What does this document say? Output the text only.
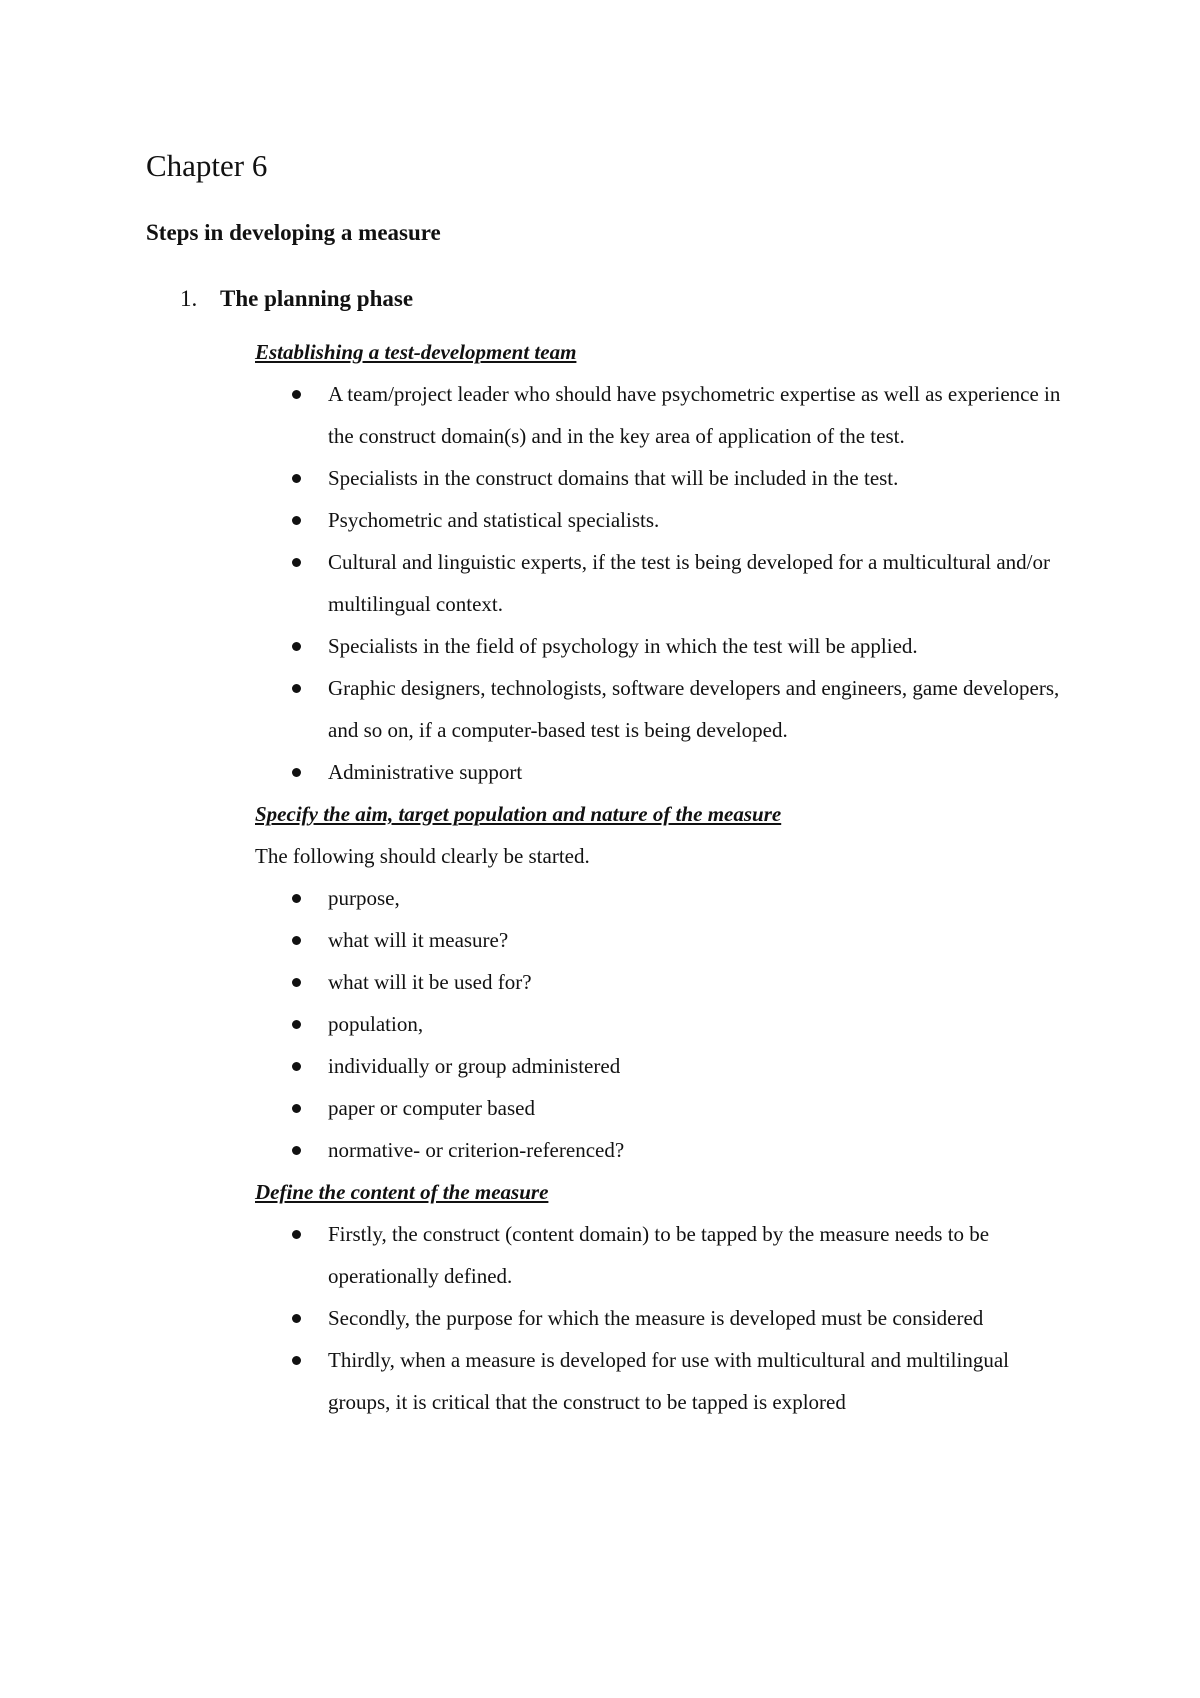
Chapter 6
Steps in developing a measure
1. The planning phase

Establishing a test-development team

A team/project leader who should have psychometric expertise as well as experience in the construct domain(s) and in the key area of application of the test.
Specialists in the construct domains that will be included in the test.
Psychometric and statistical specialists.
Cultural and linguistic experts, if the test is being developed for a multicultural and/or multilingual context.
Specialists in the field of psychology in which the test will be applied.
Graphic designers, technologists, software developers and engineers, game developers, and so on, if a computer-based test is being developed.
Administrative support

Specify the aim, target population and nature of the measure

The following should clearly be started.

purpose,
what will it measure?
what will it be used for?
population,
individually or group administered
paper or computer based
normative- or criterion-referenced?

Define the content of the measure

Firstly, the construct (content domain) to be tapped by the measure needs to be operationally defined.
Secondly, the purpose for which the measure is developed must be considered
Thirdly, when a measure is developed for use with multicultural and multilingual groups, it is critical that the construct to be tapped is explored
